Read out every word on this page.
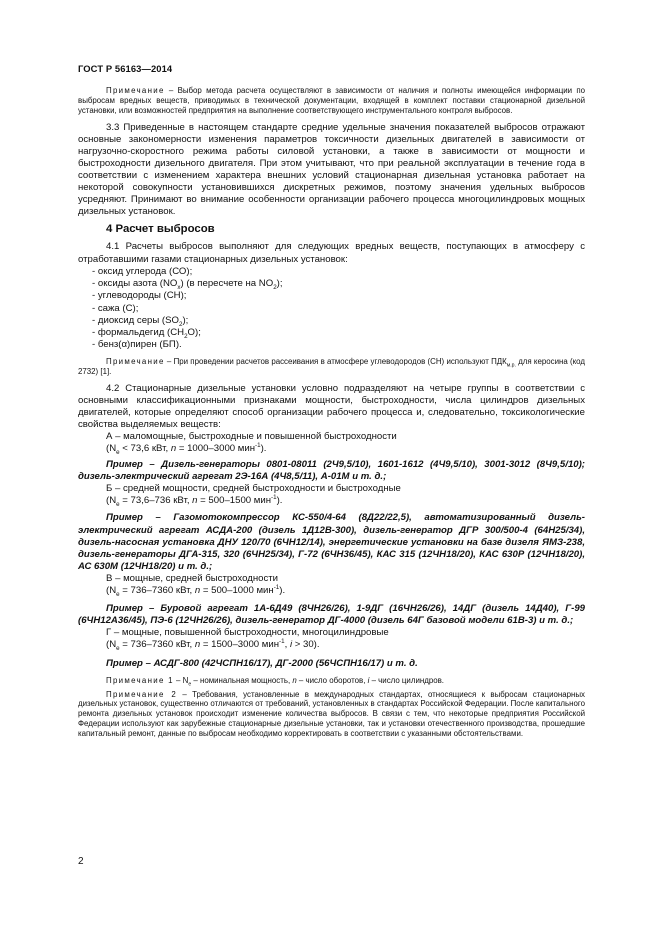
ГОСТ Р 56163—2014

Примечание – Выбор метода расчета осуществляют в зависимости от наличия и полноты имеющейся информации по выбросам вредных веществ, приводимых в технической документации, входящей в комплект поставки стационарной дизельной установки, или возможностей предприятия на выполнение соответствующего инструментального контроля выбросов.

3.3 Приведенные в настоящем стандарте средние удельные значения показателей выбросов отражают основные закономерности изменения параметров токсичности дизельных двигателей в зависимости от нагрузочно-скоростного режима работы силовой установки, а также в зависимости от мощности и быстроходности дизельного двигателя. При этом учитывают, что при реальной эксплуатации в течение года в соответствии с изменением характера внешних условий стационарная дизельная установка работает на некоторой совокупности установившихся дискретных режимов, поэтому значения удельных выбросов усредняют. Принимают во внимание особенности организации рабочего процесса многоцилиндровых мощных дизельных установок.

4 Расчет выбросов

4.1 Расчеты выбросов выполняют для следующих вредных веществ, поступающих в атмосферу с отработавшими газами стационарных дизельных установок:

- оксид углерода (СО);
- оксиды азота $(NO_x)$ (в пересчете на $NO_2$);
- углеводороды (СН);
- сажа (С);
- диоксид серы $(SO_2)$;
- формальдегид $(CH_2O)$;
- бенз(α)пирен (БП).

Примечание – При проведении расчетов рассеивания в атмосфере углеводородов (СН) используют $ПДК_{м.р.}$ для керосина (код 2732) [1].

4.2 Стационарные дизельные установки условно подразделяют на четыре группы в соответствии с основными классификационными признаками мощности, быстроходности, числа цилиндров дизельных двигателей, которые определяют способ организации рабочего процесса и, следовательно, токсикологические свойства выделяемых веществ:

А – маломощные, быстроходные и повышенной быстроходности

($N_e < 73,6$ кВт, n = 1000–3000 мин$^{-1}$).

Пример – Дизель-генераторы 0801-08011 (2Ч9,5/10), 1601-1612 (4Ч9,5/10), 3001-3012 (8Ч9,5/10); дизель-электрический агрегат 2Э-16А (4Ч8,5/11), А-01М и т. д.;

Б – средней мощности, средней быстроходности и быстроходные

($N_e = 73,6-736$ кВт, n = 500–1500 мин$^{-1}$).

Пример – Газомотокомпрессор КС-550/4-64 (8Д22/22,5), автоматизированный дизель-электрический агрегат АСДА-200 (дизель 1Д12В-300), дизель-генератор ДГР 300/500-4 (64Н25/34), дизель-насосная установка ДНУ 120/70 (6ЧН12/14), энергетические установки на базе дизеля ЯМЗ-238, дизель-генераторы ДГА-315, 320 (6ЧН25/34), Г-72 (6ЧН36/45), КАС 315 (12ЧН18/20), КАС 630Р (12ЧН18/20), АС 630М (12ЧН18/20) и т. д.;

В – мощные, средней быстроходности

($N_e = 736-7360$ кВт, n = 500–1000 мин$^{-1}$).

Пример – Буровой агрегат 1А-6Д49 (8ЧН26/26), 1-9ДГ (16ЧН26/26), 14ДГ (дизель 14Д40), Г-99 (6ЧН12А36/45), ПЭ-6 (12ЧН26/26), дизель-генератор ДГ-4000 (дизель 64Г базовой модели 61В-3) и т. д.;

Г – мощные, повышенной быстроходности, многоцилиндровые

($N_e = 736-7360$ кВт, n = 1500–3000 мин$^{-1}$, i > 30).

Пример – АСДГ-800 (42ЧСПН16/17), ДГ-2000 (56ЧСПН16/17) и т. д.

Примечание $1 - N_e$ – номинальная мощность, n – число оборотов, i – число цилиндров.

Примечание 2 – Требования, установленные в международных стандартах, относящиеся к выбросам стационарных дизельных установок, существенно отличаются от требований, установленных в стандартах Российской Федерации. После капитального ремонта дизельных установок происходит изменение количества выбросов. В связи с тем, что некоторые предприятия Российской Федерации используют как зарубежные стационарные дизельные установки, так и установки отечественного производства, прошедшие капитальный ремонт, данные по выбросам необходимо корректировать в соответствии с указанными обстоятельствами.

2
